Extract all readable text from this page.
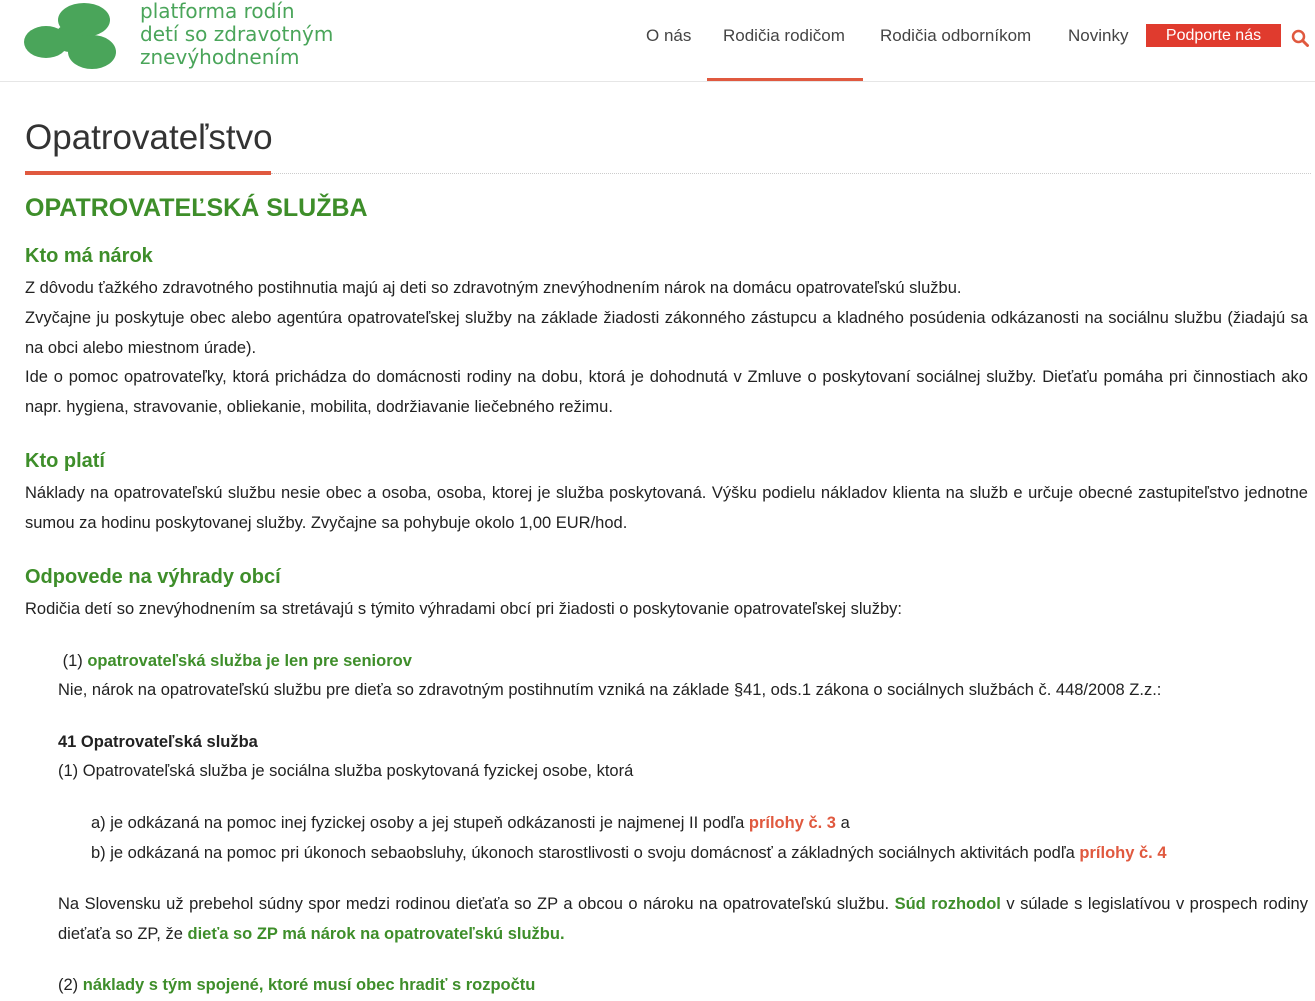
platforma rodín
detí so zdravotným
znevýhodnením
O nás Rodičia rodičom Rodičia odborníkom Novinky	Podporte nás
Opatrovateľstvo
OPATROVATEĽSKÁ SLUŽBA
Kto má nárok
Z dôvodu ťažkého zdravotného postihnutia majú aj deti so zdravotným znevýhodnením nárok na domácu opatrovateľskú službu.
Zvyčajne ju poskytuje obec alebo agentúra opatrovateľskej služby na základe žiadosti zákonného zástupcu a kladného posúdenia odkázanosti na sociálnu službu (žiadajú sa na obci alebo miestnom úrade).
Ide o pomoc opatrovateľky, ktorá prichádza do domácnosti rodiny na dobu, ktorá je dohodnutá v Zmluve o poskytovaní sociálnej služby. Dieťaťu pomáha pri činnostiach ako napr. hygiena, stravovanie, obliekanie, mobilita, dodržiavanie liečebného režimu.
Kto platí
Náklady na opatrovateľskú službu nesie obec a osoba, osoba, ktorej je služba poskytovaná. Výšku podielu nákladov klienta na služb e určuje obecné zastupiteľstvo jednotne sumou za hodinu poskytovanej služby. Zvyčajne sa pohybuje okolo 1,00 EUR/hod.
Odpovede na výhrady obcí
Rodičia detí so znevýhodnením sa stretávajú s týmito výhradami obcí pri žiadosti o poskytovanie opatrovateľskej služby:
(1) opatrovateľská služba je len pre seniorov
Nie, nárok na opatrovateľskú službu pre dieťa so zdravotným postihnutím vzniká na základe §41, ods.1 zákona o sociálnych službách č. 448/2008 Z.z.:
41 Opatrovateľská služba
(1) Opatrovateľská služba je sociálna služba poskytovaná fyzickej osobe, ktorá
a) je odkázaná na pomoc inej fyzickej osoby a jej stupeň odkázanosti je najmenej II podľa prílohy č. 3 a
b) je odkázaná na pomoc pri úkonoch sebaobsluhy, úkonoch starostlivosti o svoju domácnosť a základných sociálnych aktivitách podľa prílohy č. 4
Na Slovensku už prebehol súdny spor medzi rodinou dieťaťa so ZP a obcou o nároku na opatrovateľskú službu. Súd rozhodol v súlade s legislatívou v prospech rodiny dieťaťa so ZP, že dieťa so ZP má nárok na opatrovateľskú službu.
(2) náklady s tým spojené, ktoré musí obec hradiť s rozpočtu
